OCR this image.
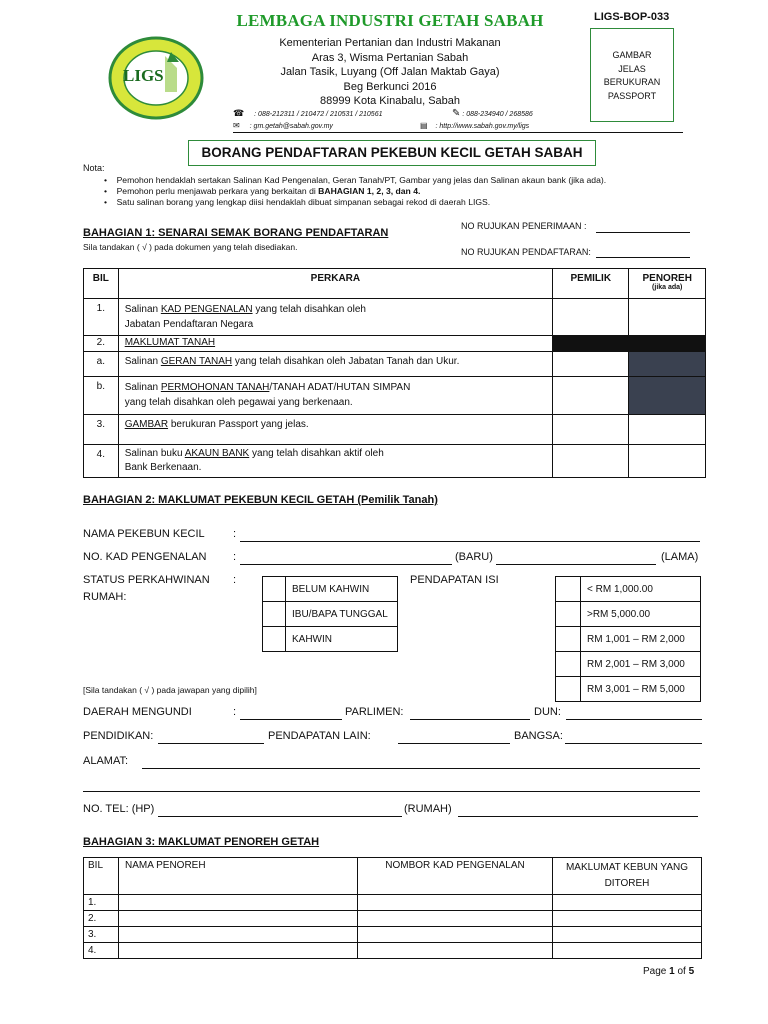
LIGS
LEMBAGA INDUSTRI GETAH SABAH	LIGS-BOP-033
Kementerian Pertanian dan Industri Makanan
Aras 3, Wisma Pertanian Sabah
Jalan Tasik, Luyang (Off Jalan Maktab Gaya)
Beg Berkunci 2016
88999 Kota Kinabalu, Sabah
☎ : 088-212311 / 210472 / 210531 / 210561	✎ : 088-234940 / 268586
✉ : gm.getah@sabah.gov.my	▤ : http://www.sabah.gov.my/ligs
GAMBAR
JELAS
BERUKURAN
PASSPORT
BORANG PENDAFTARAN PEKEBUN KECIL GETAH SABAH
Nota:
•    Pemohon hendaklah sertakan Salinan Kad Pengenalan, Geran Tanah/PT, Gambar yang jelas dan Salinan akaun bank (jika ada).
•    Pemohon perlu menjawab perkara yang berkaitan di BAHAGIAN 1, 2, 3, dan 4.
•    Satu salinan borang yang lengkap diisi hendaklah dibuat simpanan sebagai rekod di daerah LIGS.
NO RUJUKAN PENERIMAAN :
NO RUJUKAN PENDAFTARAN:
BAHAGIAN 1: SENARAI SEMAK BORANG PENDAFTARAN
Sila tandakan ( √ ) pada dokumen yang telah disediakan.
BIL	PERKARA	PEMILIK	PENOREH
(jika ada)

1.	Salinan KAD PENGENALAN yang telah disahkan oleh
Jabatan Pendaftaran Negara		
2.	MAKLUMAT TANAH		
a.	Salinan GERAN TANAH yang telah disahkan oleh Jabatan Tanah dan Ukur.		
b.	Salinan PERMOHONAN TANAH/TANAH ADAT/HUTAN SIMPAN
yang telah disahkan oleh pegawai yang berkenaan.		
3.	GAMBAR berukuran Passport yang jelas.		
4.	Salinan buku AKAUN BANK yang telah disahkan aktif oleh
Bank Berkenaan.		
BAHAGIAN 2: MAKLUMAT PEKEBUN KECIL GETAH (Pemilik Tanah)
NAMA PEKEBUN KECIL	:
NO. KAD PENGENALAN :	(BARU)	(LAMA)
STATUS PERKAHWINAN :
RUMAH:
	BELUM KAHWIN
	IBU/BAPA TUNGGAL
	KAHWIN
PENDAPATAN ISI
	< RM 1,000.00
	>RM 5,000.00
	RM 1,001 – RM 2,000
	RM 2,001 – RM 3,000
	RM 3,001 – RM 5,000
[Sila tandakan ( √ ) pada jawapan yang dipilih]
DAERAH MENGUNDI	:	PARLIMEN:	DUN:
PENDIDIKAN:	PENDAPATAN LAIN:	BANGSA:
ALAMAT:
NO. TEL: (HP)	(RUMAH)
BAHAGIAN 3: MAKLUMAT PENOREH GETAH
BIL	NAMA PENOREH	NOMBOR KAD PENGENALAN	MAKLUMAT KEBUN YANG DITOREH
1.			
2.			
3.			
4.			
Page 1 of 5
